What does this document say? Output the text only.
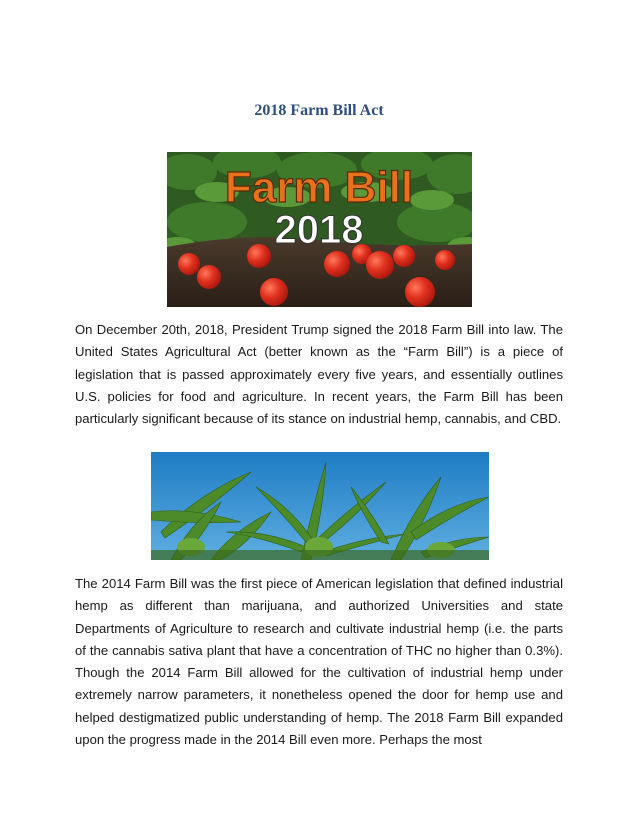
2018 Farm Bill Act
Farm Bill
2018

On December 20th, 2018, President Trump signed the 2018 Farm Bill into law. The United States Agricultural Act (better known as the “Farm Bill”) is a piece of legislation that is passed approximately every five years, and essentially outlines U.S. policies for food and agriculture. In recent years, the Farm Bill has been particularly significant because of its stance on industrial hemp, cannabis, and CBD.

The 2014 Farm Bill was the first piece of American legislation that defined industrial hemp as different than marijuana, and authorized Universities and state Departments of Agriculture to research and cultivate industrial hemp (i.e. the parts of the cannabis sativa plant that have a concentration of THC no higher than 0.3%). Though the 2014 Farm Bill allowed for the cultivation of industrial hemp under extremely narrow parameters, it nonetheless opened the door for hemp use and helped destigmatized public understanding of hemp. The 2018 Farm Bill expanded upon the progress made in the 2014 Bill even more. Perhaps the most
